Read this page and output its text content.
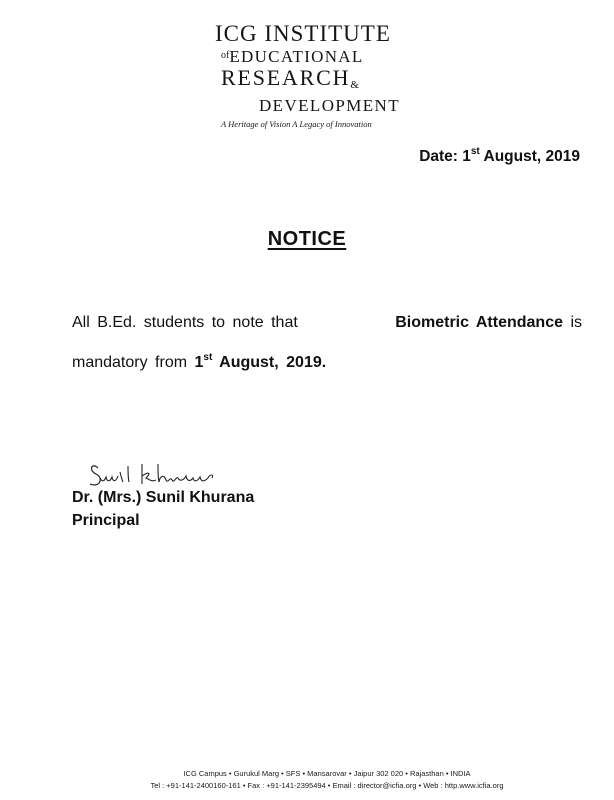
ICG INSTITUTE
$^{of}$EDUCATIONAL
RESEARCH&
DEVELOPMENT
A Heritage of Vision A Legacy of Innovation
Date: 1st August, 2019
NOTICE
All B.Ed. students to note that	Biometric Attendance is
mandatory from 1st August, 2019.
Dr. (Mrs.) Sunil Khurana
Principal
ICG Campus • Gurukul Marg • SFS • Mansarovar • Jaipur 302 020 • Rajasthan • INDIA
Tel : +91-141-2400160-161 • Fax : +91-141-2395494 • Email : director@icfia.org • Web : http.www.icfia.org
